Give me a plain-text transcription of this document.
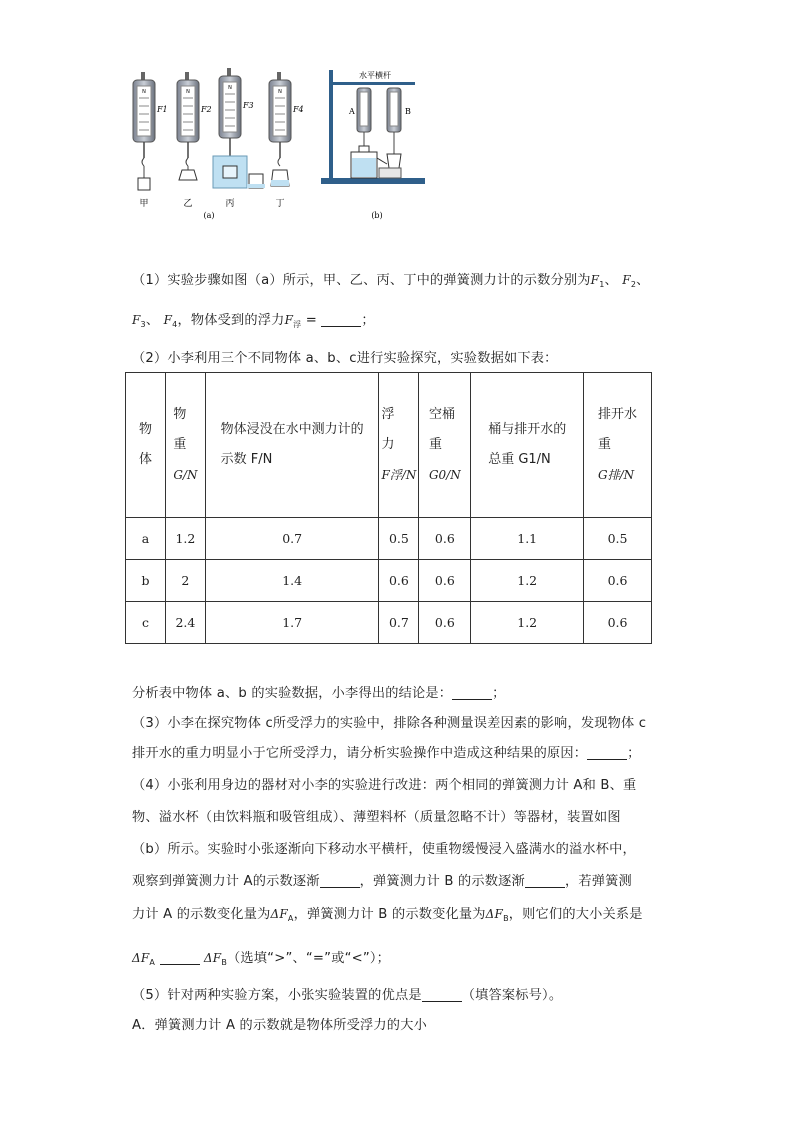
N
F1
甲
N
F2
乙
N
F3
丙
N
F4
丁
(a)
水平横杆
A	B
(b)
（1）实验步骤如图（a）所示，甲、乙、丙、丁中的弹簧测力计的示数分别为$F_1$、 $F_2$、
$F_3$、 $F_4$，物体受到的浮力$F_浮$ =	；
（2）小李利用三个不同物体 a、b、c进行实验探究，实验数据如下表：
物
体	物
重
G/N	物体浸没在水中测力计的
示数 F/N	浮
力
F浮/N	空桶
重
G0/N	桶与排开水的
总重 G1/N	排开水
重
G排/N
a	1.2	0.7	0.5	0.6	1.1	0.5
b	2	1.4	0.6	0.6	1.2	0.6
c	2.4	1.7	0.7	0.6	1.2	0.6
分析表中物体 a、b 的实验数据，小李得出的结论是：	；
（3）小李在探究物体 c所受浮力的实验中，排除各种测量误差因素的影响，发现物体 c
排开水的重力明显小于它所受浮力，请分析实验操作中造成这种结果的原因：	；
（4）小张利用身边的器材对小李的实验进行改进：两个相同的弹簧测力计 A和 B、重
物、溢水杯（由饮料瓶和吸管组成）、薄塑料杯（质量忽略不计）等器材，装置如图
（b）所示。实验时小张逐渐向下移动水平横杆，使重物缓慢浸入盛满水的溢水杯中，
观察到弹簧测力计 A的示数逐渐	，弹簧测力计 B 的示数逐渐	，若弹簧测
力计 A 的示数变化量为$\Delta F_A$，弹簧测力计 B 的示数变化量为$\Delta F_B$，则它们的大小关系是
$\Delta F_A$	$\Delta F_B$（选填“>”、“=”或“<”）；
（5）针对两种实验方案，小张实验装置的优点是	（填答案标号）。
A．弹簧测力计 A 的示数就是物体所受浮力的大小
